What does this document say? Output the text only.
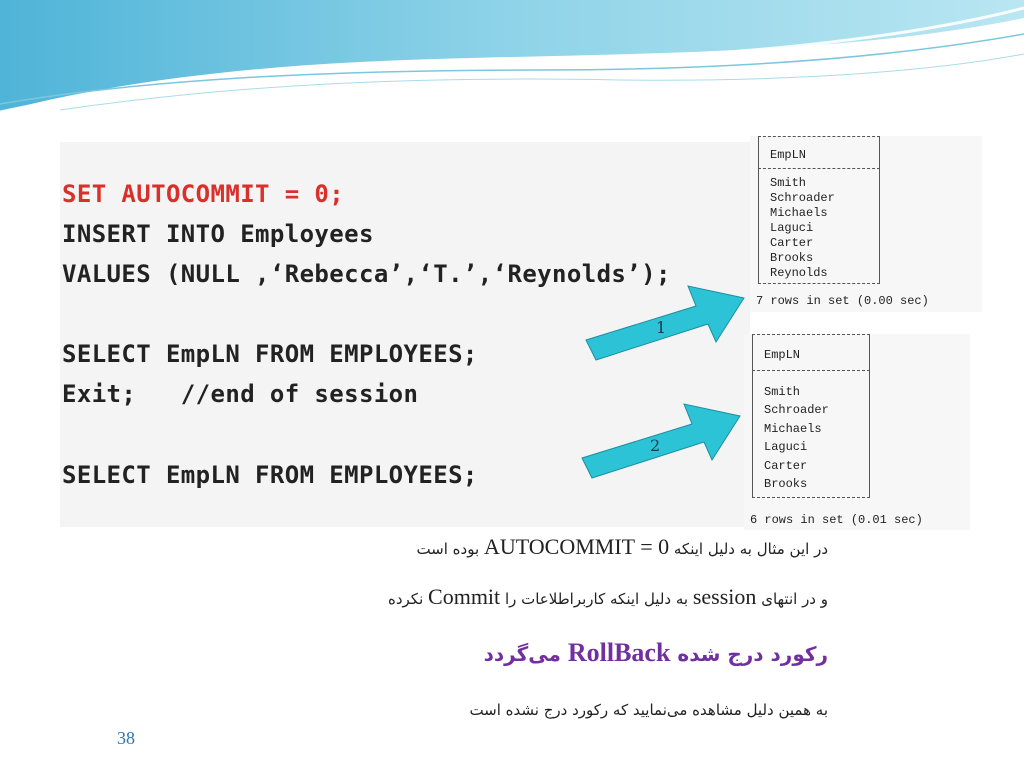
SET AUTOCOMMIT = 0;

INSERT INTO Employees

VALUES (NULL ,‘Rebecca’,‘T.’,‘Reynolds’);

SELECT EmpLN FROM EMPLOYEES;

Exit;   //end of session

SELECT EmpLN FROM EMPLOYEES;

1
2
EmpLN
Smith
Schroader
Michaels
Laguci
Carter
Brooks
Reynolds
7 rows in set (0.00 sec)
EmpLN
Smith
Schroader
Michaels
Laguci
Carter
Brooks
6 rows in set (0.01 sec)
در این مثال به دلیل اینکه AUTOCOMMIT = 0 بوده است
و در انتهای session به دلیل اینکه کاربراطلاعات را Commit نکرده
رکورد درج شده RollBack می‌گردد
به همین دلیل مشاهده می‌نمایید که رکورد درج نشده است
38
